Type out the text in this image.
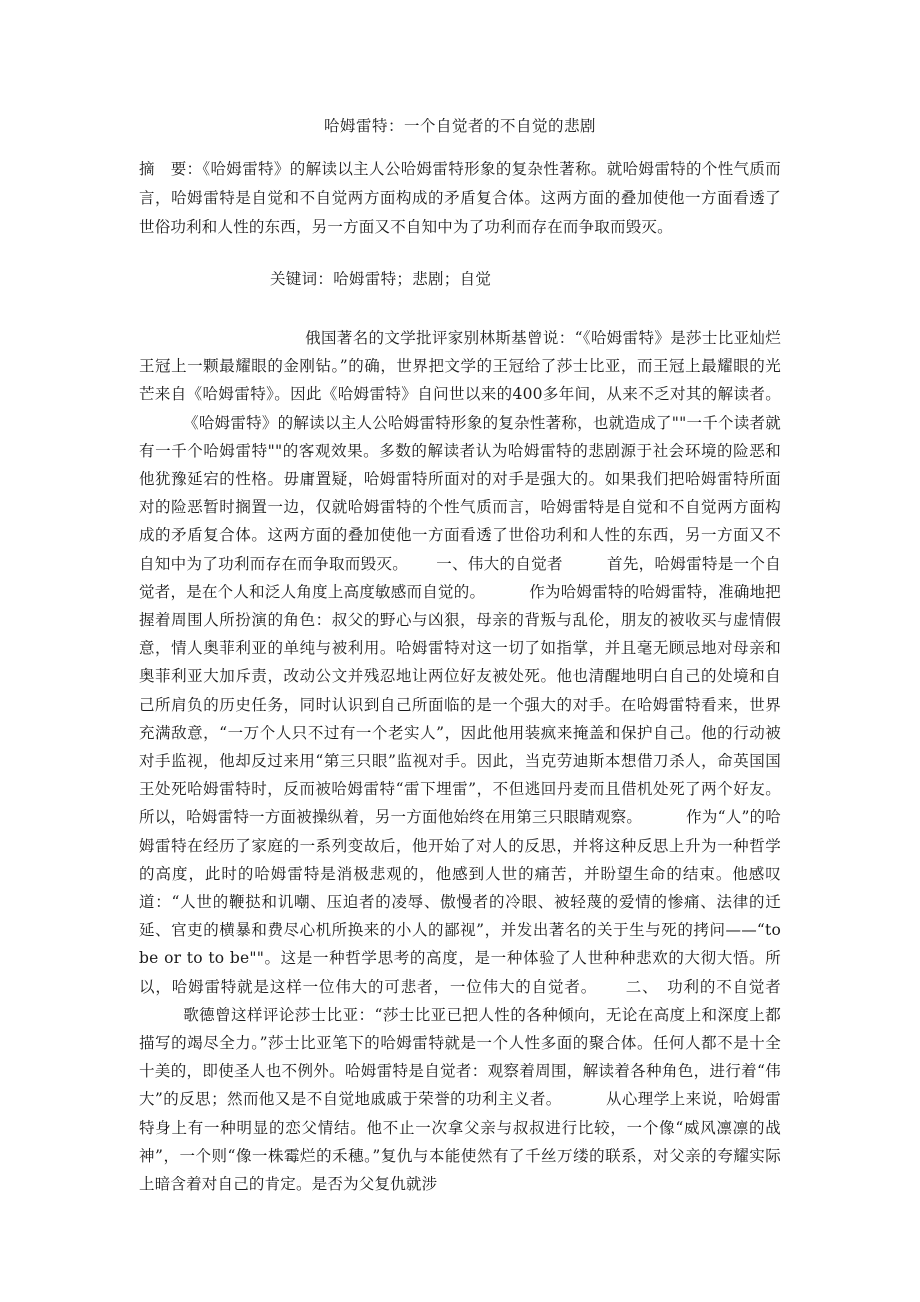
哈姆雷特：一个自觉者的不自觉的悲剧
摘　要：《哈姆雷特》的解读以主人公哈姆雷特形象的复杂性著称。就哈姆雷特的个性气质而言，哈姆雷特是自觉和不自觉两方面构成的矛盾复合体。这两方面的叠加使他一方面看透了世俗功利和人性的东西，另一方面又不自知中为了功利而存在而争取而毁灭。
关键词：哈姆雷特；悲剧；自觉
俄国著名的文学批评家别林斯基曾说：“《哈姆雷特》是莎士比亚灿烂王冠上一颗最耀眼的金刚钻。”的确，世界把文学的王冠给了莎士比亚，而王冠上最耀眼的光芒来自《哈姆雷特》。因此《哈姆雷特》自问世以来的400多年间，从来不乏对其的解读者。《哈姆雷特》的解读以主人公哈姆雷特形象的复杂性著称，也就造成了""一千个读者就有一千个哈姆雷特""的客观效果。多数的解读者认为哈姆雷特的悲剧源于社会环境的险恶和他犹豫延宕的性格。毋庸置疑，哈姆雷特所面对的对手是强大的。如果我们把哈姆雷特所面对的险恶暂时搁置一边，仅就哈姆雷特的个性气质而言，哈姆雷特是自觉和不自觉两方面构成的矛盾复合体。这两方面的叠加使他一方面看透了世俗功利和人性的东西，另一方面又不自知中为了功利而存在而争取而毁灭。 一、伟大的自觉者	首先，哈姆雷特是一个自觉者，是在个人和泛人角度上高度敏感而自觉的。	作为哈姆雷特的哈姆雷特，准确地把握着周围人所扮演的角色：叔父的野心与凶狠，母亲的背叛与乱伦，朋友的被收买与虚情假意，情人奥菲利亚的单纯与被利用。哈姆雷特对这一切了如指掌，并且毫无顾忌地对母亲和奥菲利亚大加斥责，改动公文并残忍地让两位好友被处死。他也清醒地明白自己的处境和自己所肩负的历史任务，同时认识到自己所面临的是一个强大的对手。在哈姆雷特看来，世界充满敌意，“一万个人只不过有一个老实人”，因此他用装疯来掩盖和保护自己。他的行动被对手监视，他却反过来用“第三只眼”监视对手。因此，当克劳迪斯本想借刀杀人，命英国国王处死哈姆雷特时，反而被哈姆雷特“雷下埋雷”，不但逃回丹麦而且借机处死了两个好友。所以，哈姆雷特一方面被操纵着，另一方面他始终在用第三只眼睛观察。	作为“人”的哈姆雷特在经历了家庭的一系列变故后，他开始了对人的反思，并将这种反思上升为一种哲学的高度，此时的哈姆雷特是消极悲观的，他感到人世的痛苦，并盼望生命的结束。他感叹道：“人世的鞭挞和讥嘲、压迫者的凌辱、傲慢者的冷眼、被轻蔑的爱情的惨痛、法律的迁延、官吏的横暴和费尽心机所换来的小人的鄙视”，并发出著名的关于生与死的拷问——“to be or to to be""。这是一种哲学思考的高度，是一种体验了人世种种悲欢的大彻大悟。所以，哈姆雷特就是这样一位伟大的可悲者，一位伟大的自觉者。 二、　功利的不自觉者歌德曾这样评论莎士比亚：“莎士比亚已把人性的各种倾向，无论在高度上和深度上都描写的竭尽全力。”莎士比亚笔下的哈姆雷特就是一个人性多面的聚合体。任何人都不是十全十美的，即使圣人也不例外。哈姆雷特是自觉者：观察着周围，解读着各种角色，进行着“伟大”的反思；然而他又是不自觉地戚戚于荣誉的功利主义者。	从心理学上来说，哈姆雷特身上有一种明显的恋父情结。他不止一次拿父亲与叔叔进行比较，一个像“威风凛凛的战神”，一个则“像一株霉烂的禾穗。”复仇与本能使然有了千丝万缕的联系，对父亲的夸耀实际上暗含着对自己的肯定。是否为父复仇就涉
